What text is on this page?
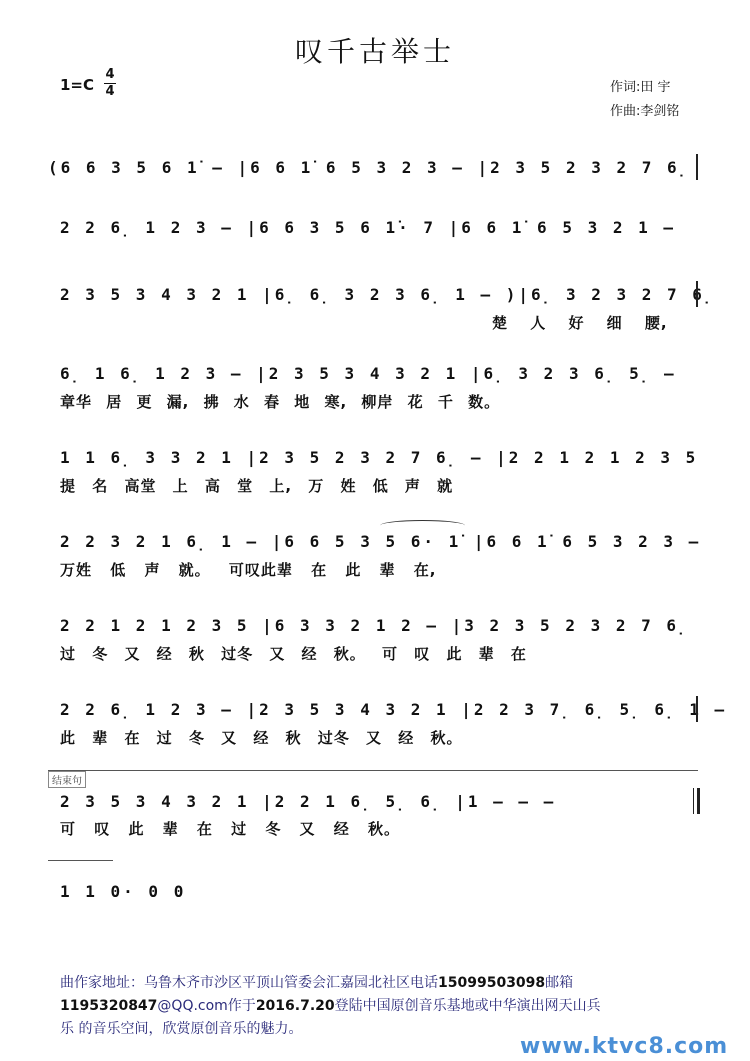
叹千古举士
1=C
4
4	作词:田 宇
作曲:李剑铭
(6 6 3 5 6 1̇ – |6 6 1̇ 6 5 3 2 3 – |2 3 5 2 3 2 7 6̣
2 2 6̣ 1 2 3 – |6 6 3 5 6 1̇· 7 |6 6 1̇ 6 5 3 2 1 –
2 3 5 3 4 3 2 1 |6̣ 6̣ 3 2 3 6̣ 1 – )|6̣ 3 2 3 2 7 6̣
楚 人 好 细 腰,
6̣ 1 6̣ 1 2 3 – |2 3 5 3 4 3 2 1 |6̣ 3 2 3 6̣ 5̣ –
章华 居 更 漏, 拂 水 春 地 寒, 柳岸 花 千 数。
1 1 6̣ 3 3 2 1 |2 3 5 2 3 2 7 6̣ – |2 2 1 2 1 2 3 5
提 名 高堂 上 高 堂 上, 万 姓 低 声 就
2 2 3 2 1 6̣ 1 – |6 6 5 3 5 6· 1̇ |6 6 1̇ 6 5 3 2 3 –
万姓 低 声 就。 可叹此辈 在 此 辈 在,
2 2 1 2 1 2 3 5 |6 3 3 2 1 2 – |3 2 3 5 2 3 2 7 6̣
过 冬 又 经 秋 过冬 又 经 秋。 可 叹 此 辈 在
2 2 6̣ 1 2 3 – |2 3 5 3 4 3 2 1 |2 2 3 7̣ 6̣ 5̣ 6̣ 1 –
此 辈 在 过 冬 又 经 秋 过冬 又 经 秋。
结束句
2 3 5 3 4 3 2 1 |2 2 1 6̣ 5̣ 6̣ |1 – – –
可 叹 此 辈 在 过 冬 又 经 秋。
1 1 0· 0 0
曲作家地址：乌鲁木齐市沙区平顶山管委会汇嘉园北社区电话15099503098邮箱
1195320847@QQ.com作于2016.7.20登陆中国原创音乐基地或中华演出网天山兵
乐 的音乐空间，欣赏原创音乐的魅力。
www.ktvc8.com
